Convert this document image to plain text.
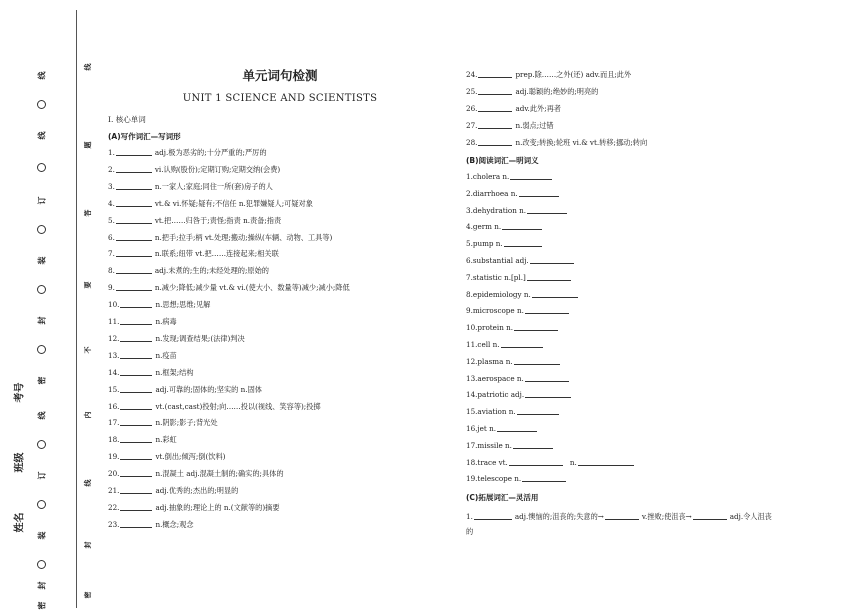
线
线
订
装
封
密
线
订
装
封
密
线
题
答
要
不
内
线
封
密
考号
班级
姓名
单元词句检测
UNIT 1 SCIENCE AND SCIENTISTS
Ⅰ. 核心单词
(A)写作词汇—写词形
1.	adj.极为恶劣的;十分严重的;严厉的
2.	vi.认购(股份);定期订购;定期交纳(会费)
3.	n.一家人;家庭;同住一所(套)房子的人
4.	vt.& vi.怀疑;疑有;不信任 n.犯罪嫌疑人;可疑对象
5.	vt.把……归咎于;责怪;指责 n.责备;指责
6.	n.把手;拉手;柄 vt.处理;搬动;操纵(车辆、动物、工具等)
7.	n.联系;纽带 vt.把……连接起来;相关联
8.	adj.未煮的;生的;未经处理的;原始的
9.	n.减少;降低;减少量 vt.& vi.(使大小、数量等)减少;减小;降低
10.	n.思想;思维;见解
11.	n.病毒
12.	n.发现;调查结果;(法律)判决
13.	n.疫苗
14.	n.框架;结构
15.	adj.可靠的;固体的;坚实的 n.固体
16.	vt.(cast,cast)投射;向……投以(视线、笑容等);投掷
17.	n.阴影;影子;背光处
18.	n.彩虹
19.	vt.倒出;倾泻;倒(饮料)
20.	n.混凝土 adj.混凝土制的;确实的;具体的
21.	adj.优秀的;杰出的;明显的
22.	adj.抽象的;理论上的 n.(文献等的)摘要
23.	n.概念;观念
24.	prep.除……之外(还) adv.而且;此外
25.	adj.聪颖的;绝妙的;明亮的
26.	adv.此外;再者
27.	n.弱点;过错
28.	n.改变;转换;轮班 vi.& vt.转移;挪动;转向
(B)阅读词汇—明词义
1.cholera n.
2.diarrhoea n.
3.dehydration n.
4.germ n.
5.pump n.
6.substantial adj.
7.statistic n.[pl.]
8.epidemiology n.
9.microscope n.
10.protein n.
11.cell n.
12.plasma n.
13.aerospace n.
14.patriotic adj.
15.aviation n.
16.jet n.
17.missile n.
18.trace vt.	n.
19.telescope n.
(C)拓展词汇—灵活用
1.	adj.懊恼的;沮丧的;失意的→	v.挫败;使沮丧→	adj.令人沮丧
的
